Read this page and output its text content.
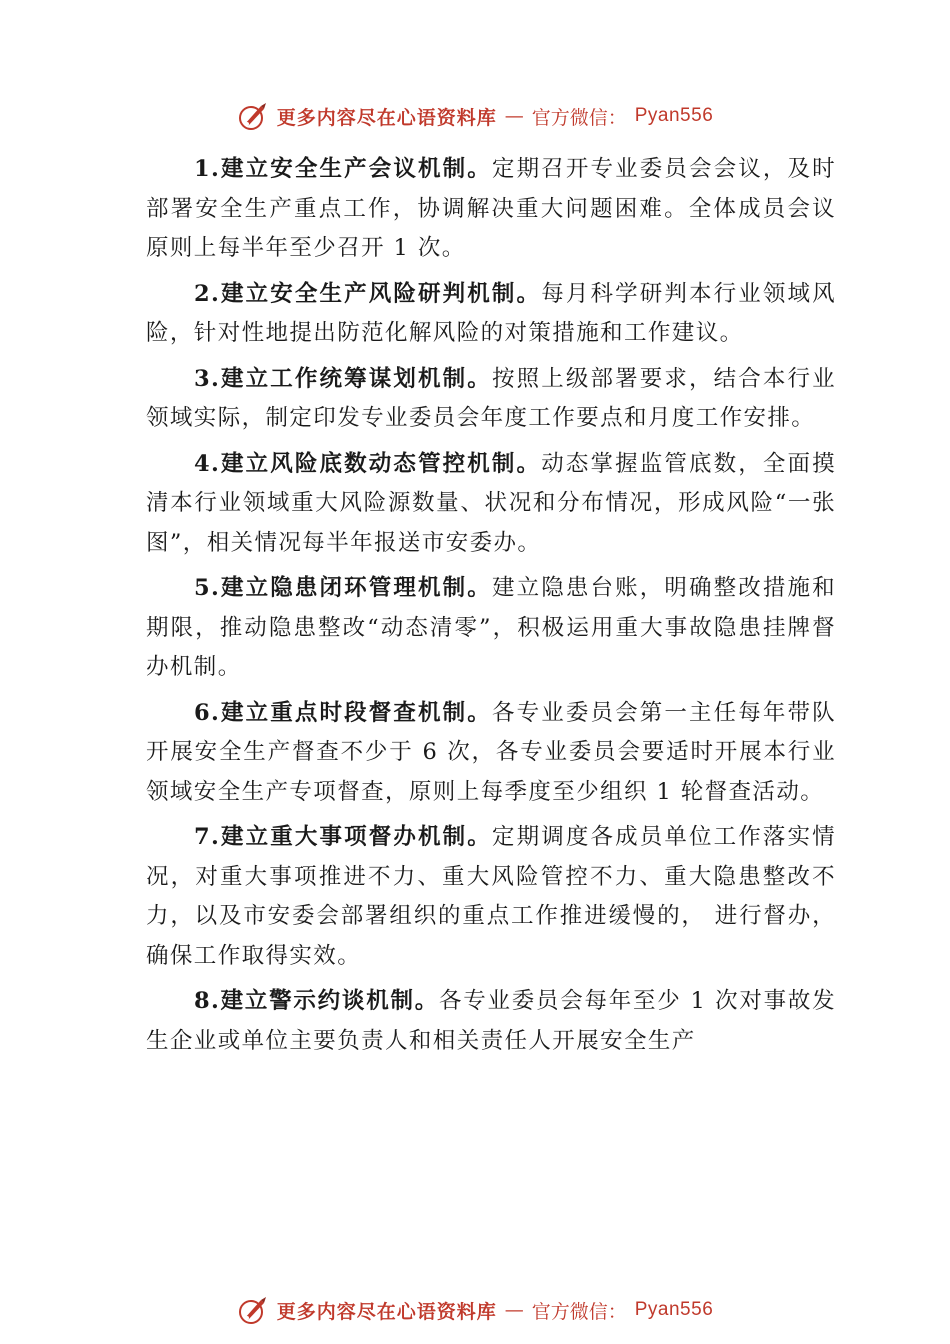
更多内容尽在心语资料库 — 官方微信： Pyan556

1.建立安全生产会议机制。定期召开专业委员会会议，及时部署安全生产重点工作，协调解决重大问题困难。全体成员会议原则上每半年至少召开 1 次。

2.建立安全生产风险研判机制。每月科学研判本行业领域风险，针对性地提出防范化解风险的对策措施和工作建议。

3.建立工作统筹谋划机制。按照上级部署要求，结合本行业领域实际，制定印发专业委员会年度工作要点和月度工作安排。

4.建立风险底数动态管控机制。动态掌握监管底数，全面摸清本行业领域重大风险源数量、状况和分布情况，形成风险“一张图”，相关情况每半年报送市安委办。

5.建立隐患闭环管理机制。建立隐患台账，明确整改措施和期限，推动隐患整改“动态清零”，积极运用重大事故隐患挂牌督办机制。

6.建立重点时段督查机制。各专业委员会第一主任每年带队开展安全生产督查不少于 6 次，各专业委员会要适时开展本行业领域安全生产专项督查，原则上每季度至少组织 1 轮督查活动。

7.建立重大事项督办机制。定期调度各成员单位工作落实情况，对重大事项推进不力、重大风险管控不力、重大隐患整改不力，以及市安委会部署组织的重点工作推进缓慢的， 进行督办，确保工作取得实效。

8.建立警示约谈机制。各专业委员会每年至少 1 次对事故发生企业或单位主要负责人和相关责任人开展安全生产

更多内容尽在心语资料库 — 官方微信： Pyan556
